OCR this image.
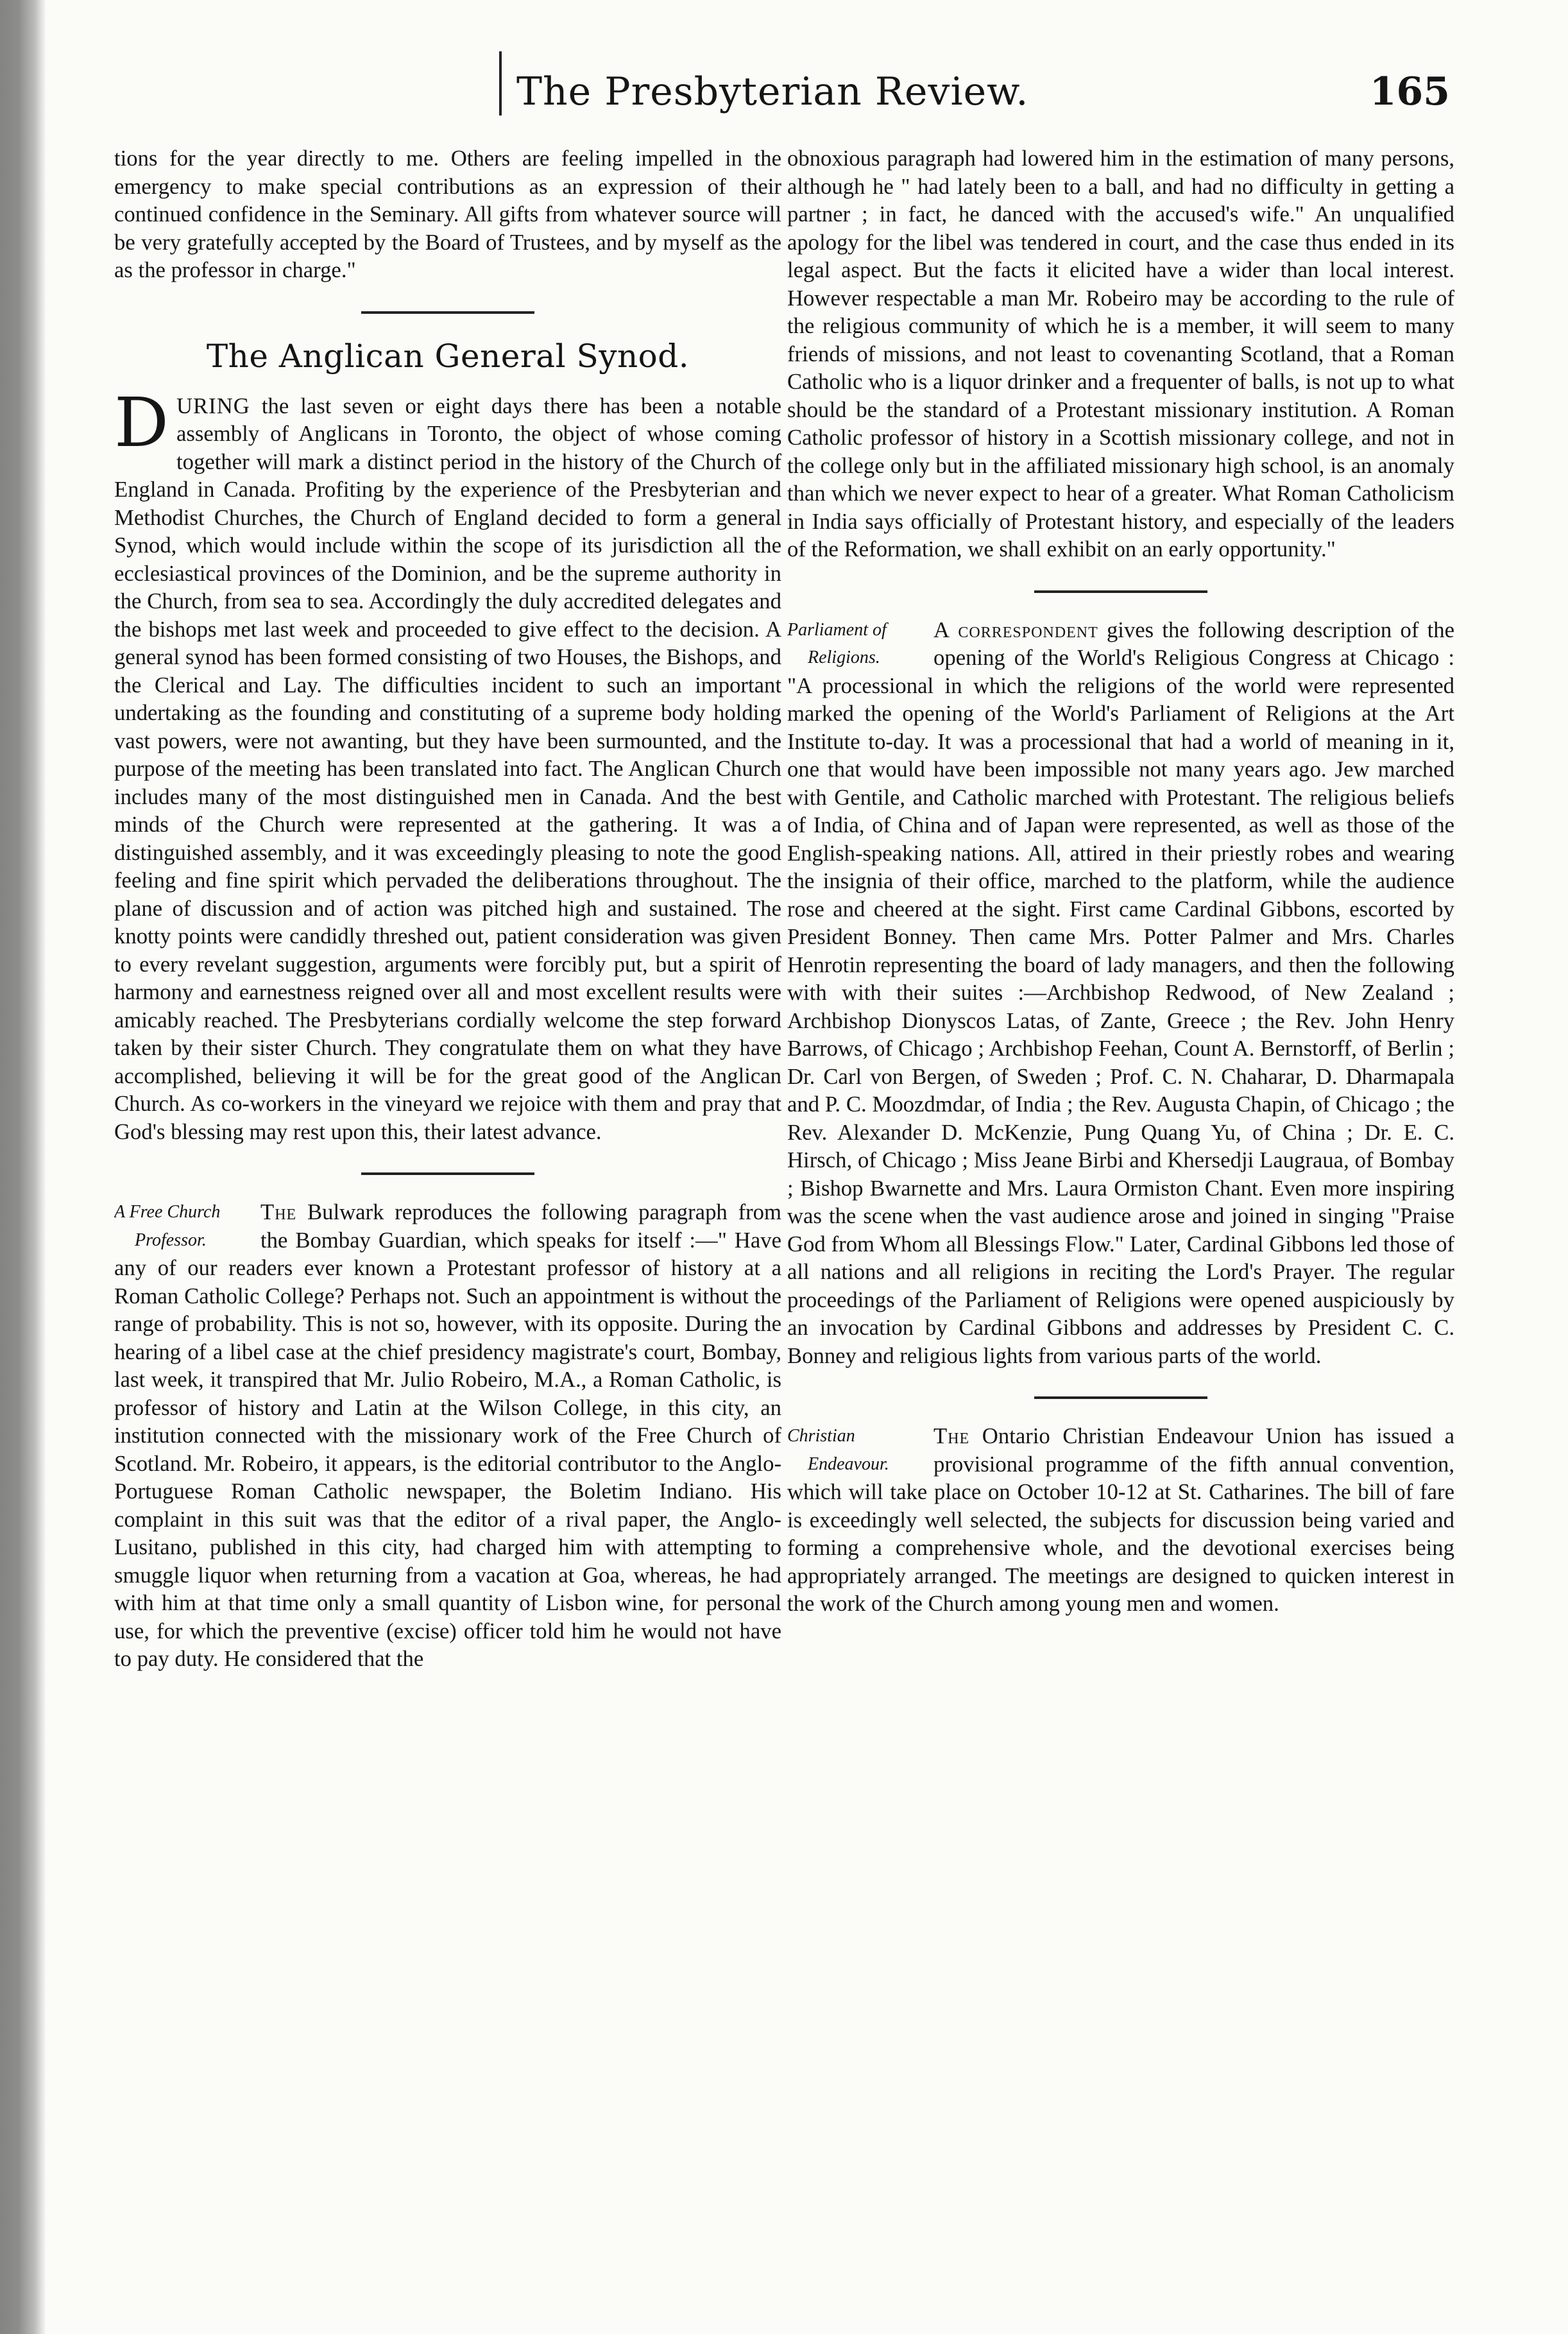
The Presbyterian Review.	165

tions for the year directly to me. Others are feeling impelled in the emergency to make special contributions as an expression of their continued confidence in the Seminary. All gifts from whatever source will be very gratefully accepted by the Board of Trustees, and by myself as the as the professor in charge."

The Anglican General Synod.

DURING the last seven or eight days there has been a notable assembly of Anglicans in Toronto, the object of whose coming together will mark a distinct period in the history of the Church of England in Canada. Profiting by the experience of the Presbyterian and Methodist Churches, the Church of England decided to form a general Synod, which would include within the scope of its jurisdiction all the ecclesiastical provinces of the Dominion, and be the supreme authority in the Church, from sea to sea. Accordingly the duly accredited delegates and the bishops met last week and proceeded to give effect to the decision. A general synod has been formed consisting of two Houses, the Bishops, and the Clerical and Lay. The difficulties incident to such an important undertaking as the founding and constituting of a supreme body holding vast powers, were not awanting, but they have been surmounted, and the purpose of the meeting has been translated into fact. The Anglican Church includes many of the most distinguished men in Canada. And the best minds of the Church were represented at the gathering. It was a distinguished assembly, and it was exceedingly pleasing to note the good feeling and fine spirit which pervaded the deliberations throughout. The plane of discussion and of action was pitched high and sustained. The knotty points were candidly threshed out, patient consideration was given to every revelant suggestion, arguments were forcibly put, but a spirit of harmony and earnestness reigned over all and most excellent results were amicably reached. The Presbyterians cordially welcome the step forward taken by their sister Church. They congratulate them on what they have accomplished, believing it will be for the great good of the Anglican Church. As co-workers in the vineyard we rejoice with them and pray that God's blessing may rest upon this, their latest advance.

A Free Church
Professor.

The Bulwark reproduces the following paragraph from the Bombay Guardian, which speaks for itself :—" Have any of our readers ever known a Protestant professor of history at a Roman Catholic College? Perhaps not. Such an appointment is without the range of probability. This is not so, however, with its opposite. During the hearing of a libel case at the chief presidency magistrate's court, Bombay, last week, it transpired that Mr. Julio Robeiro, M.A., a Roman Catholic, is professor of history and Latin at the Wilson College, in this city, an institution connected with the missionary work of the Free Church of Scotland. Mr. Robeiro, it appears, is the editorial contributor to the Anglo-Portuguese Roman Catholic newspaper, the Boletim Indiano. His complaint in this suit was that the editor of a rival paper, the Anglo-Lusitano, published in this city, had charged him with attempting to smuggle liquor when returning from a vacation at Goa, whereas, he had with him at that time only a small quantity of Lisbon wine, for personal use, for which the preventive (excise) officer told him he would not have to pay duty. He considered that the

obnoxious paragraph had lowered him in the estimation of many persons, although he " had lately been to a ball, and had no difficulty in getting a partner ; in fact, he danced with the accused's wife." An unqualified apology for the libel was tendered in court, and the case thus ended in its legal aspect. But the facts it elicited have a wider than local interest. However respectable a man Mr. Robeiro may be according to the rule of the religious community of which he is a member, it will seem to many friends of missions, and not least to covenanting Scotland, that a Roman Catholic who is a liquor drinker and a frequenter of balls, is not up to what should be the standard of a Protestant missionary institution. A Roman Catholic professor of history in a Scottish missionary college, and not in the college only but in the affiliated missionary high school, is an anomaly than which we never expect to hear of a greater. What Roman Catholicism in India says officially of Protestant history, and especially of the leaders of the Reformation, we shall exhibit on an early opportunity."

Parliament of
Religions.

A correspondent gives the following description of the opening of the World's Religious Congress at Chicago : "A processional in which the religions of the world were represented marked the opening of the World's Parliament of Religions at the Art Institute to-day. It was a processional that had a world of meaning in it, one that would have been impossible not many years ago. Jew marched with Gentile, and Catholic marched with Protestant. The religious beliefs of India, of China and of Japan were represented, as well as those of the English-speaking nations. All, attired in their priestly robes and wearing the insignia of their office, marched to the platform, while the audience rose and cheered at the sight. First came Cardinal Gibbons, escorted by President Bonney. Then came Mrs. Potter Palmer and Mrs. Charles Henrotin representing the board of lady managers, and then the following with with their suites :—Archbishop Redwood, of New Zealand ; Archbishop Dionyscos Latas, of Zante, Greece ; the Rev. John Henry Barrows, of Chicago ; Archbishop Feehan, Count A. Bernstorff, of Berlin ; Dr. Carl von Bergen, of Sweden ; Prof. C. N. Chaharar, D. Dharmapala and P. C. Moozdmdar, of India ; the Rev. Augusta Chapin, of Chicago ; the Rev. Alexander D. McKenzie, Pung Quang Yu, of China ; Dr. E. C. Hirsch, of Chicago ; Miss Jeane Birbi and Khersedji Laugraua, of Bombay ; Bishop Bwarnette and Mrs. Laura Ormiston Chant. Even more inspiring was the scene when the vast audience arose and joined in singing "Praise God from Whom all Blessings Flow." Later, Cardinal Gibbons led those of all nations and all religions in reciting the Lord's Prayer. The regular proceedings of the Parliament of Religions were opened auspiciously by an invocation by Cardinal Gibbons and addresses by President C. C. Bonney and religious lights from various parts of the world.

Christian
Endeavour.

The Ontario Christian Endeavour Union has issued a provisional programme of the fifth annual convention, which will take place on October 10-12 at St. Catharines. The bill of fare is exceedingly well selected, the subjects for discussion being varied and forming a comprehensive whole, and the devotional exercises being appropriately arranged. The meetings are designed to quicken interest in the work of the Church among young men and women.
